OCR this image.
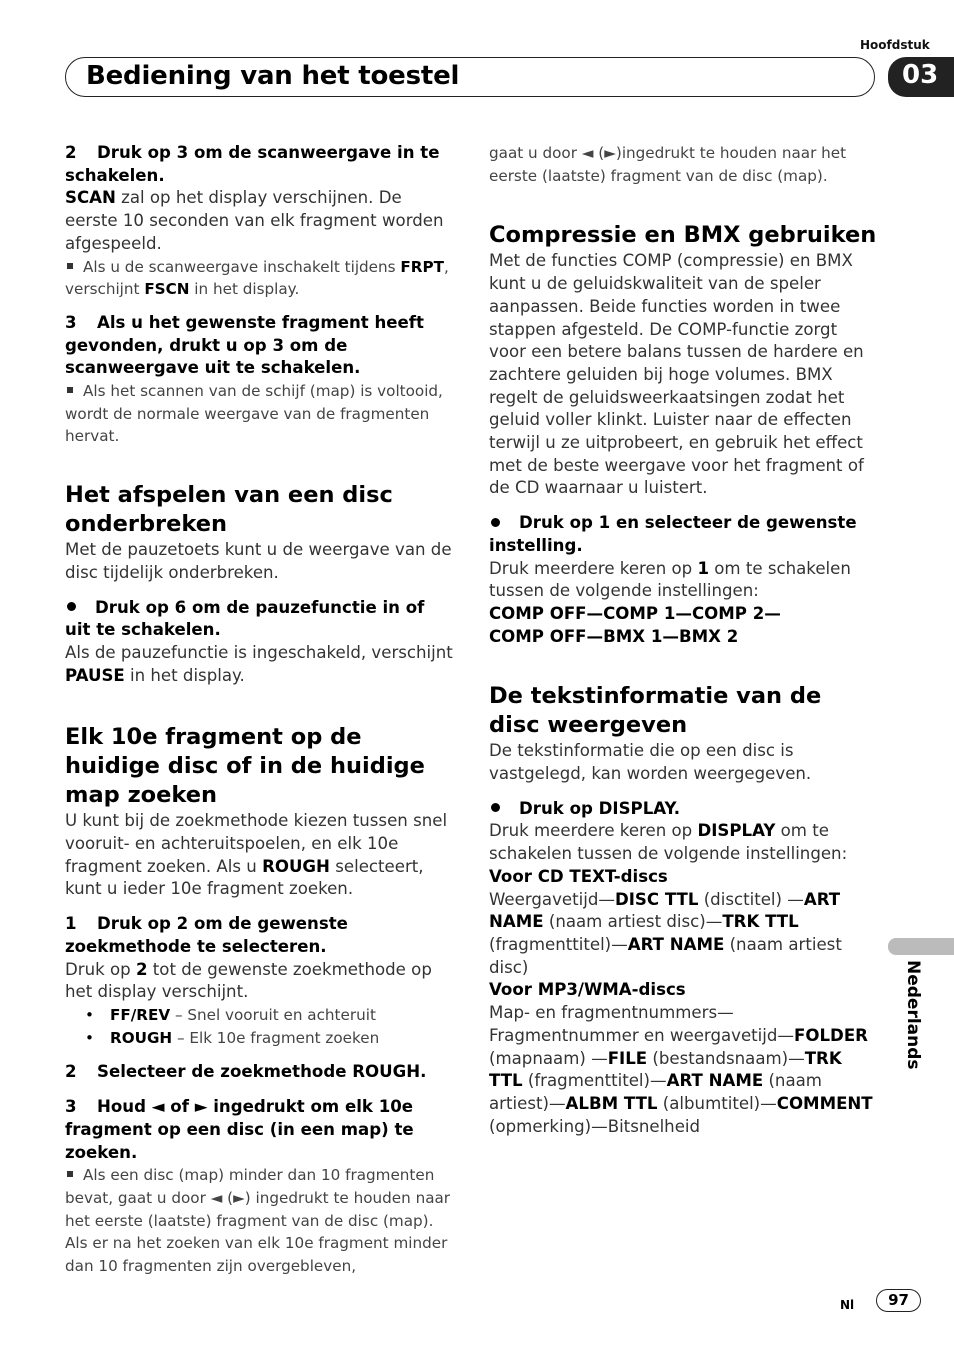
Hoofdstuk
Bediening van het toestel	03

2 Druk op 3 om de scanweergave in te schakelen.

SCAN zal op het display verschijnen. De eerste 10 seconden van elk fragment worden afgespeeld.

Als u de scanweergave inschakelt tijdens FRPT, verschijnt FSCN in het display.

3 Als u het gewenste fragment heeft gevonden, drukt u op 3 om de scanweergave uit te schakelen.

Als het scannen van de schijf (map) is voltooid, wordt de normale weergave van de fragmenten hervat.

Het afspelen van een disc onderbreken

Met de pauzetoets kunt u de weergave van de disc tijdelijk onderbreken.

Druk op 6 om de pauzefunctie in of uit te schakelen.

Als de pauzefunctie is ingeschakeld, verschijnt PAUSE in het display.

Elk 10e fragment op de huidige disc of in de huidige map zoeken

U kunt bij de zoekmethode kiezen tussen snel vooruit- en achteruitspoelen, en elk 10e fragment zoeken. Als u ROUGH selecteert, kunt u ieder 10e fragment zoeken.

1 Druk op 2 om de gewenste zoekmethode te selecteren.

Druk op 2 tot de gewenste zoekmethode op het display verschijnt.

• FF/REV – Snel vooruit en achteruit
• ROUGH – Elk 10e fragment zoeken

2 Selecteer de zoekmethode ROUGH.

3 Houd ◄ of ► ingedrukt om elk 10e fragment op een disc (in een map) te zoeken.

Als een disc (map) minder dan 10 fragmenten bevat, gaat u door ◄ (►) ingedrukt te houden naar het eerste (laatste) fragment van de disc (map). Als er na het zoeken van elk 10e fragment minder dan 10 fragmenten zijn overgebleven,

gaat u door ◄ (►)ingedrukt te houden naar het eerste (laatste) fragment van de disc (map).

Compressie en BMX gebruiken

Met de functies COMP (compressie) en BMX kunt u de geluidskwaliteit van de speler aanpassen. Beide functies worden in twee stappen afgesteld. De COMP-functie zorgt voor een betere balans tussen de hardere en zachtere geluiden bij hoge volumes. BMX regelt de geluidsweerkaatsingen zodat het geluid voller klinkt. Luister naar de effecten terwijl u ze uitprobeert, en gebruik het effect met de beste weergave voor het fragment of de CD waarnaar u luistert.

Druk op 1 en selecteer de gewenste instelling.

Druk meerdere keren op 1 om te schakelen tussen de volgende instellingen:

COMP OFF—COMP 1—COMP 2—

COMP OFF—BMX 1—BMX 2

De tekstinformatie van de disc weergeven

De tekstinformatie die op een disc is vastgelegd, kan worden weergegeven.

Druk op DISPLAY.

Druk meerdere keren op DISPLAY om te schakelen tussen de volgende instellingen:

Voor CD TEXT-discs

Weergavetijd—DISC TTL (disctitel) —ART NAME (naam artiest disc)—TRK TTL (fragmenttitel)—ART NAME (naam artiest disc)

Voor MP3/WMA-discs

Map- en fragmentnummers—Fragmentnummer en weergavetijd—FOLDER (mapnaam) —FILE (bestandsnaam)—TRK TTL (fragmenttitel)—ART NAME (naam artiest)—ALBM TTL (albumtitel)—COMMENT (opmerking)—Bitsnelheid

Nederlands
Nl	97
